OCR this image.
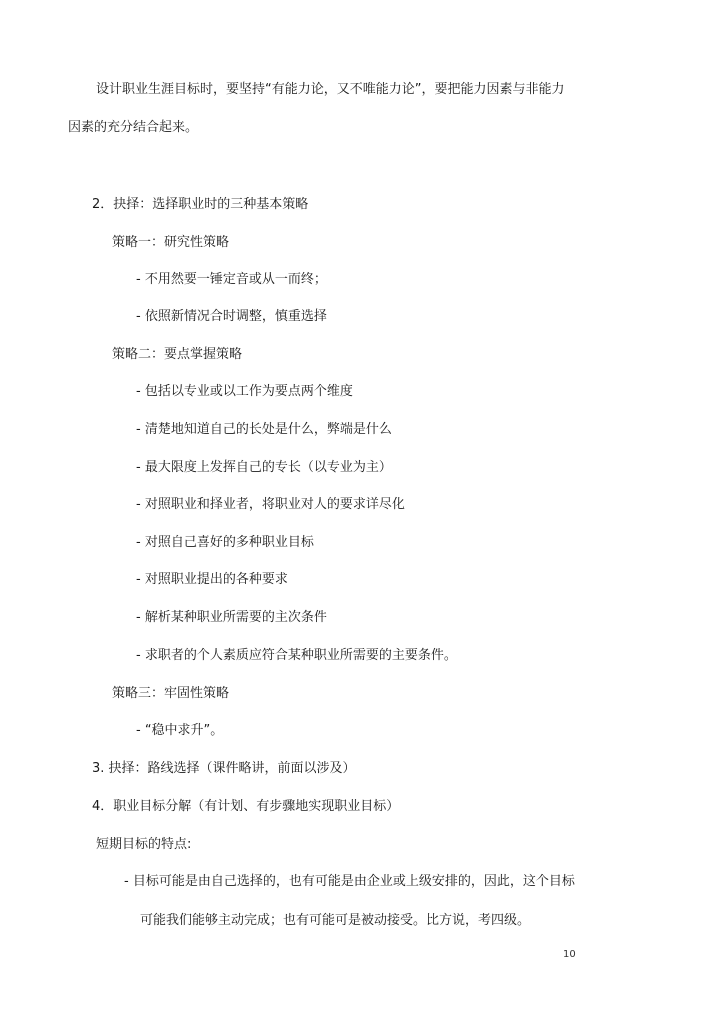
设计职业生涯目标时，要坚持“有能力论，又不唯能力论”，要把能力因素与非能力
因素的充分结合起来。
2．抉择：选择职业时的三种基本策略
策略一：研究性策略
- 不用然要一锤定音或从一而终；
- 依照新情况合时调整，慎重选择
策略二：要点掌握策略
- 包括以专业或以工作为要点两个维度
- 清楚地知道自己的长处是什么，弊端是什么
- 最大限度上发挥自己的专长（以专业为主）
- 对照职业和择业者，将职业对人的要求详尽化
- 对照自己喜好的多种职业目标
- 对照职业提出的各种要求
- 解析某种职业所需要的主次条件
- 求职者的个人素质应符合某种职业所需要的主要条件。
策略三：牢固性策略
- “稳中求升”。
3. 抉择：路线选择（课件略讲，前面以涉及）
4．职业目标分解（有计划、有步骤地实现职业目标）
短期目标的特点:
- 目标可能是由自己选择的，也有可能是由企业或上级安排的，因此，这个目标
可能我们能够主动完成；也有可能可是被动接受。比方说，考四级。
10
